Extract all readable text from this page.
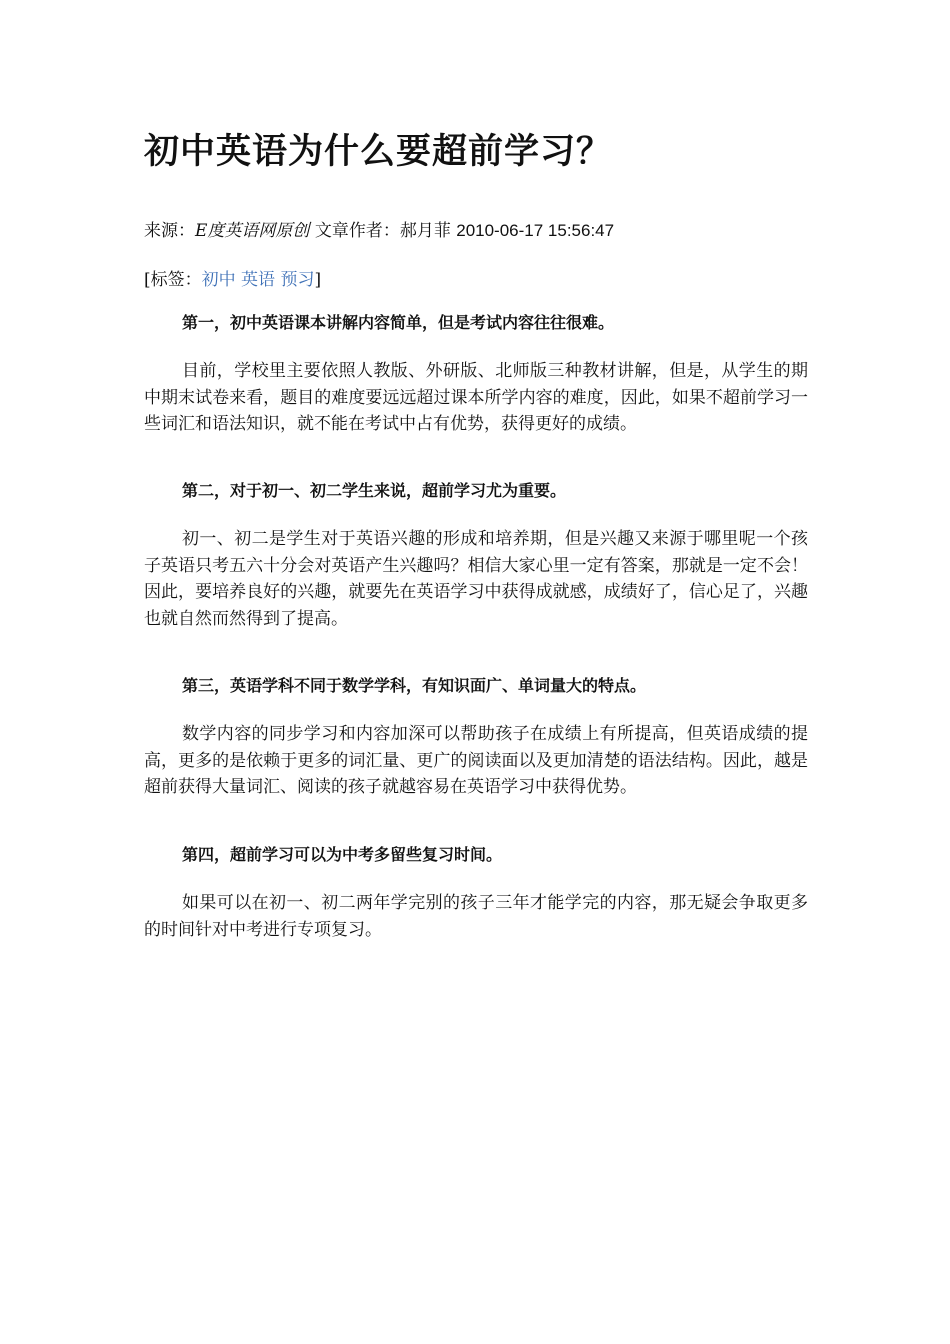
初中英语为什么要超前学习？
来源：E度英语网原创 文章作者：郝月菲 2010-06-17 15:56:47
[标签：初中 英语 预习]

第一，初中英语课本讲解内容简单，但是考试内容往往很难。

目前，学校里主要依照人教版、外研版、北师版三种教材讲解，但是，从学生的期中期末试卷来看，题目的难度要远远超过课本所学内容的难度，因此，如果不超前学习一些词汇和语法知识，就不能在考试中占有优势，获得更好的成绩。

第二，对于初一、初二学生来说，超前学习尤为重要。

初一、初二是学生对于英语兴趣的形成和培养期，但是兴趣又来源于哪里呢一个孩子英语只考五六十分会对英语产生兴趣吗？相信大家心里一定有答案，那就是一定不会！因此，要培养良好的兴趣，就要先在英语学习中获得成就感，成绩好了，信心足了，兴趣也就自然而然得到了提高。

第三，英语学科不同于数学学科，有知识面广、单词量大的特点。

数学内容的同步学习和内容加深可以帮助孩子在成绩上有所提高，但英语成绩的提高，更多的是依赖于更多的词汇量、更广的阅读面以及更加清楚的语法结构。因此，越是超前获得大量词汇、阅读的孩子就越容易在英语学习中获得优势。

第四，超前学习可以为中考多留些复习时间。

如果可以在初一、初二两年学完别的孩子三年才能学完的内容，那无疑会争取更多的时间针对中考进行专项复习。
